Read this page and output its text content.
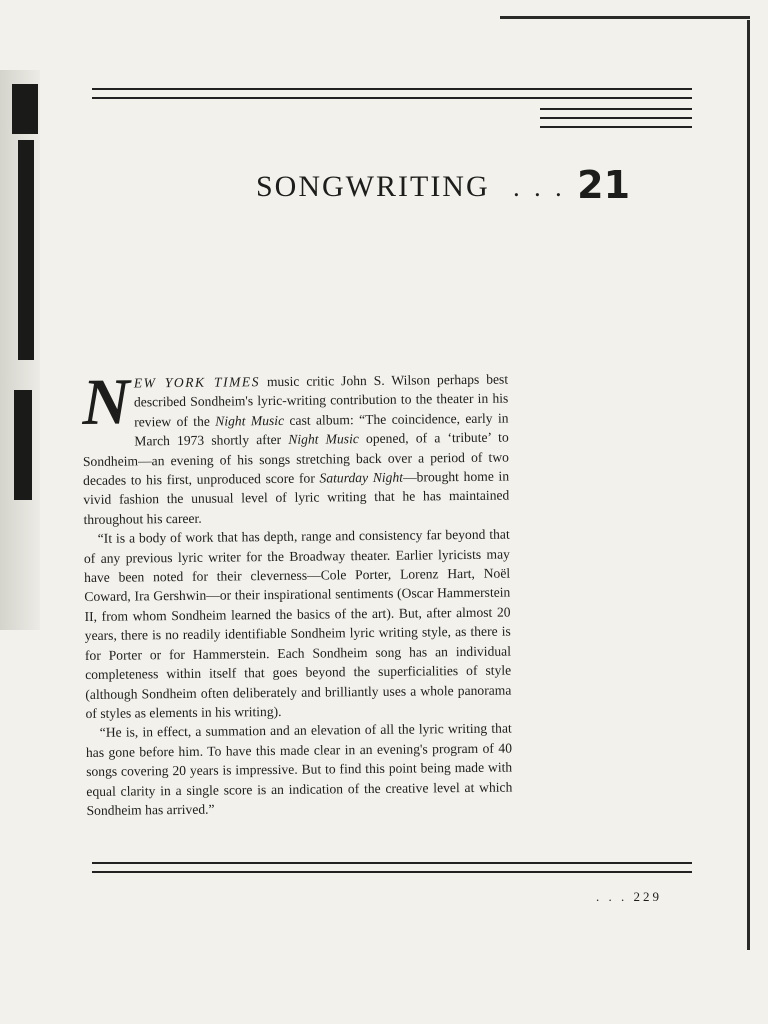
SONGWRITING . . . 21

NEW YORK TIMES music critic John S. Wilson perhaps best described Sondheim's lyric-writing contribution to the theater in his review of the Night Music cast album: “The coincidence, early in March 1973 shortly after Night Music opened, of a ‘tribute’ to Sondheim—an evening of his songs stretching back over a period of two decades to his first, unproduced score for Saturday Night—brought home in vivid fashion the unusual level of lyric writing that he has maintained throughout his career.

“It is a body of work that has depth, range and consistency far beyond that of any previous lyric writer for the Broadway theater. Earlier lyricists may have been noted for their cleverness—Cole Porter, Lorenz Hart, Noël Coward, Ira Gershwin—or their inspirational sentiments (Oscar Hammerstein II, from whom Sondheim learned the basics of the art). But, after almost 20 years, there is no readily identifiable Sondheim lyric writing style, as there is for Porter or for Hammerstein. Each Sondheim song has an individual completeness within itself that goes beyond the superficialities of style (although Sondheim often deliberately and brilliantly uses a whole panorama of styles as elements in his writing).

“He is, in effect, a summation and an elevation of all the lyric writing that has gone before him. To have this made clear in an evening's program of 40 songs covering 20 years is impressive. But to find this point being made with equal clarity in a single score is an indication of the creative level at which Sondheim has arrived.”

. . . 229
